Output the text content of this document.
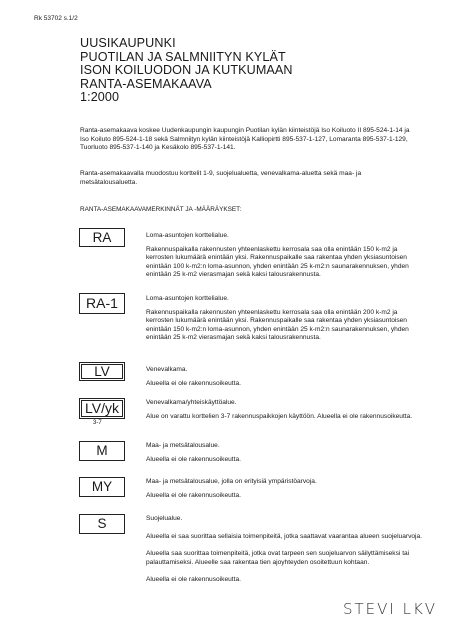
Rk 53702 s.1/2
UUSIKAUPUNKI
PUOTILAN JA SALMNIITYN KYLÄT
ISON KOILUODON JA KUTKUMAAN
RANTA-ASEMAKAAVA
1:2000
Ranta-asemakaava koskee Uudenkaupungin kaupungin Puotilan kylän kiinteistöjä Iso Koiluoto II 895-524-1-14 ja Iso Koiluto 895-524-1-18 sekä Salmniityn kylän kiinteistöjä Kalliopirtti 895-537-1-127, Lomaranta 895-537-1-129, Tuorluoto 895-537-1-140 ja Kesäkolo 895-537-1-141.
Ranta-asemakaavalla muodostuu korttelit 1-9, suojelualuetta, venevalkama-aluetta sekä maa- ja metsätalousaluetta.
RANTA-ASEMAKAAVAMERKINNÄT JA -MÄÄRÄYKSET:
RA	Loma-asuntojen korttelialue.

Rakennuspaikalla rakennusten yhteenlaskettu kerrosala saa olla enintään 150 k-m2 ja kerrosten lukumäärä enintään yksi. Rakennuspaikalle saa rakentaa yhden yksiasuntoisen enintään 100 k-m2:n loma-asunnon, yhden enintään 25 k-m2:n saunarakennuksen, yhden enintään 25 k-m2 vierasmajan sekä kaksi talousrakennusta.

RA-1	Loma-asuntojen korttelialue.

Rakennuspaikalla rakennusten yhteenlaskettu kerrosala saa olla enintään 200 k-m2 ja kerrosten lukumäärä enintään yksi. Rakennuspaikalle saa rakentaa yhden yksiasuntoisen enintään 150 k-m2:n loma-asunnon, yhden enintään 25 k-m2:n saunarakennuksen, yhden enintään 25 k-m2 vierasmajan sekä kaksi talousrakennusta.

LV	Venevalkama.

Alueella ei ole rakennusoikeutta.

LV/yk
3-7

Venevalkama/yhteiskäyttöalue.

Alue on varattu korttelien 3-7 rakennuspaikkojen käyttöön. Alueella ei ole rakennusoikeutta.

M	Maa- ja metsätalousalue.

Alueella ei ole rakennusoikeutta.

MY	Maa- ja metsätalousalue, jolla on erityisiä ympäristöarvoja.

Alueella ei ole rakennusoikeutta.

S	Suojelualue.

Alueella ei saa suorittaa sellaisia toimenpiteitä, jotka saattavat vaarantaa alueen suojeluarvoja.

Alueella saa suorittaa toimenpiteitä, jotka ovat tarpeen sen suojeluarvon säilyttämiseksi tai palauttamiseksi. Alueelle saa rakentaa tien ajoyhteyden osoitettuun kohtaan.

Alueella ei ole rakennusoikeutta.

STEVI LKV
